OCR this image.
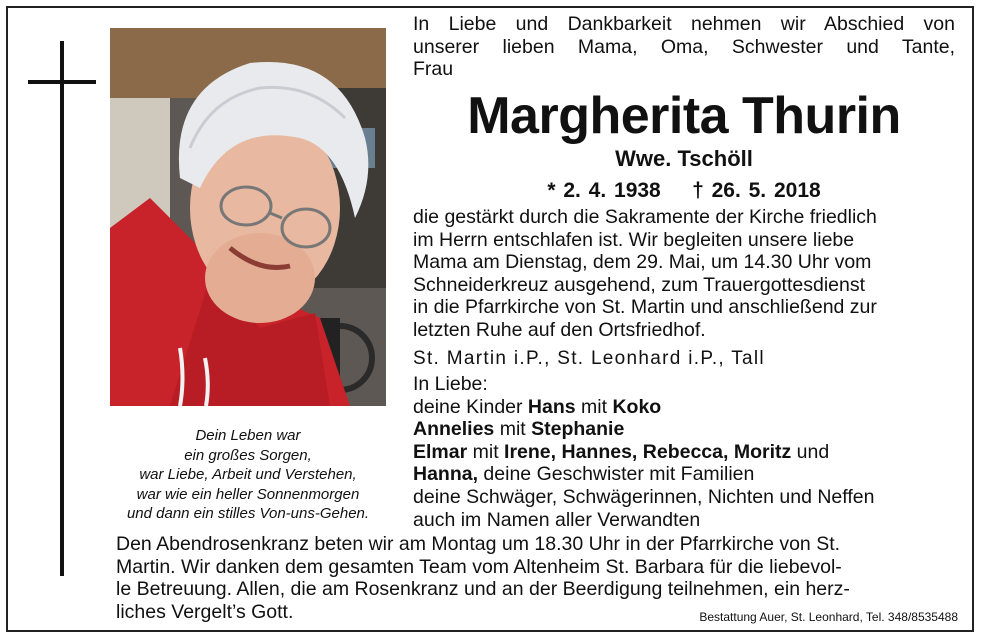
Dein Leben war
ein großes Sorgen,
war Liebe, Arbeit und Verstehen,
war wie ein heller Sonnenmorgen
und dann ein stilles Von-uns-Gehen.
In Liebe und Dankbarkeit nehmen wir Abschied von
unserer lieben Mama, Oma, Schwester und Tante,
Frau
Margherita Thurin
Wwe. Tschöll
* 2. 4. 1938 † 26. 5. 2018
die gestärkt durch die Sakramente der Kirche friedlich
im Herrn entschlafen ist. Wir begleiten unsere liebe
Mama am Dienstag, dem 29. Mai, um 14.30 Uhr vom
Schneiderkreuz ausgehend, zum Trauergottesdienst
in die Pfarrkirche von St. Martin und anschließend zur
letzten Ruhe auf den Ortsfriedhof.
St. Martin i.P., St. Leonhard i.P., Tall
In Liebe:
deine Kinder Hans mit Koko
Annelies mit Stephanie
Elmar mit Irene, Hannes, Rebecca, Moritz und
Hanna, deine Geschwister mit Familien
deine Schwäger, Schwägerinnen, Nichten und Neffen
auch im Namen aller Verwandten
Den Abendrosenkranz beten wir am Montag um 18.30 Uhr in der Pfarrkirche von St.
Martin. Wir danken dem gesamten Team vom Altenheim St. Barbara für die liebevol-
le Betreuung. Allen, die am Rosenkranz und an der Beerdigung teilnehmen, ein herz-
liches Vergelt’s Gott.	Bestattung Auer, St. Leonhard, Tel. 348/8535488
